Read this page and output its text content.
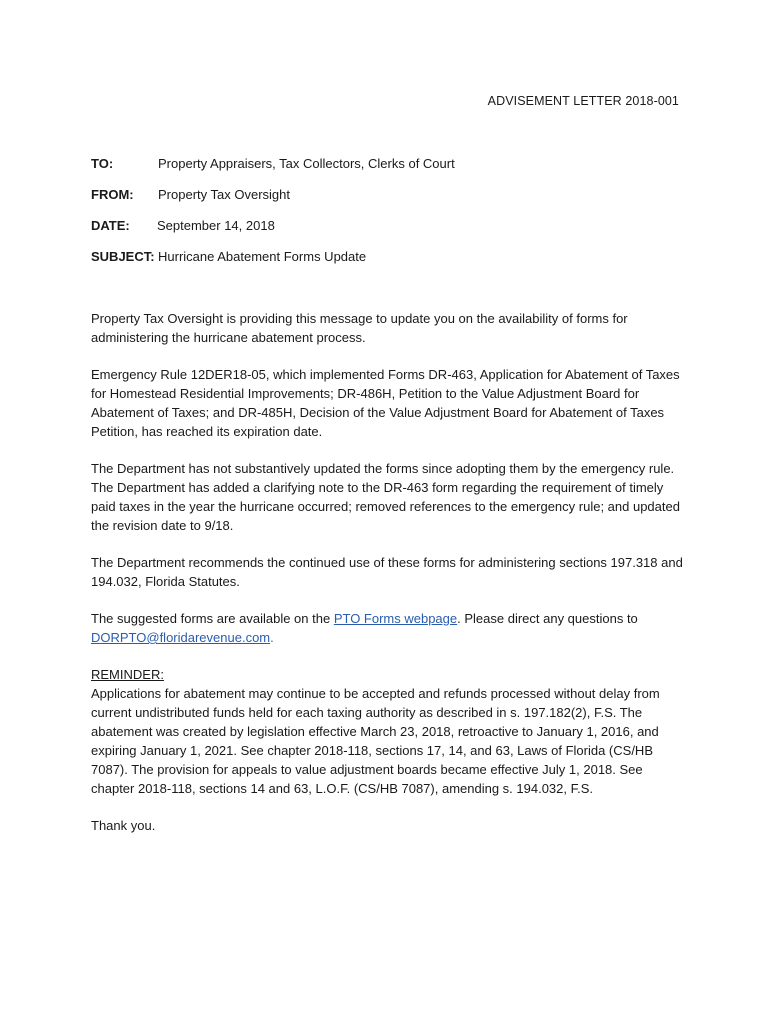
ADVISEMENT LETTER 2018-001
TO:	Property Appraisers, Tax Collectors, Clerks of Court
FROM:	Property Tax Oversight
DATE:	September 14, 2018
SUBJECT: Hurricane Abatement Forms Update

Property Tax Oversight is providing this message to update you on the availability of forms for administering the hurricane abatement process.

Emergency Rule 12DER18-05, which implemented Forms DR-463, Application for Abatement of Taxes for Homestead Residential Improvements; DR-486H, Petition to the Value Adjustment Board for Abatement of Taxes; and DR-485H, Decision of the Value Adjustment Board for Abatement of Taxes Petition, has reached its expiration date.

The Department has not substantively updated the forms since adopting them by the emergency rule. The Department has added a clarifying note to the DR-463 form regarding the requirement of timely paid taxes in the year the hurricane occurred; removed references to the emergency rule; and updated the revision date to 9/18.

The Department recommends the continued use of these forms for administering sections 197.318 and 194.032, Florida Statutes.

The suggested forms are available on the PTO Forms webpage. Please direct any questions to DORPTO@floridarevenue.com.

REMINDER:
Applications for abatement may continue to be accepted and refunds processed without delay from current undistributed funds held for each taxing authority as described in s. 197.182(2), F.S. The abatement was created by legislation effective March 23, 2018, retroactive to January 1, 2016, and expiring January 1, 2021. See chapter 2018-118, sections 17, 14, and 63, Laws of Florida (CS/HB 7087). The provision for appeals to value adjustment boards became effective July 1, 2018. See chapter 2018-118, sections 14 and 63, L.O.F. (CS/HB 7087), amending s. 194.032, F.S.

Thank you.
